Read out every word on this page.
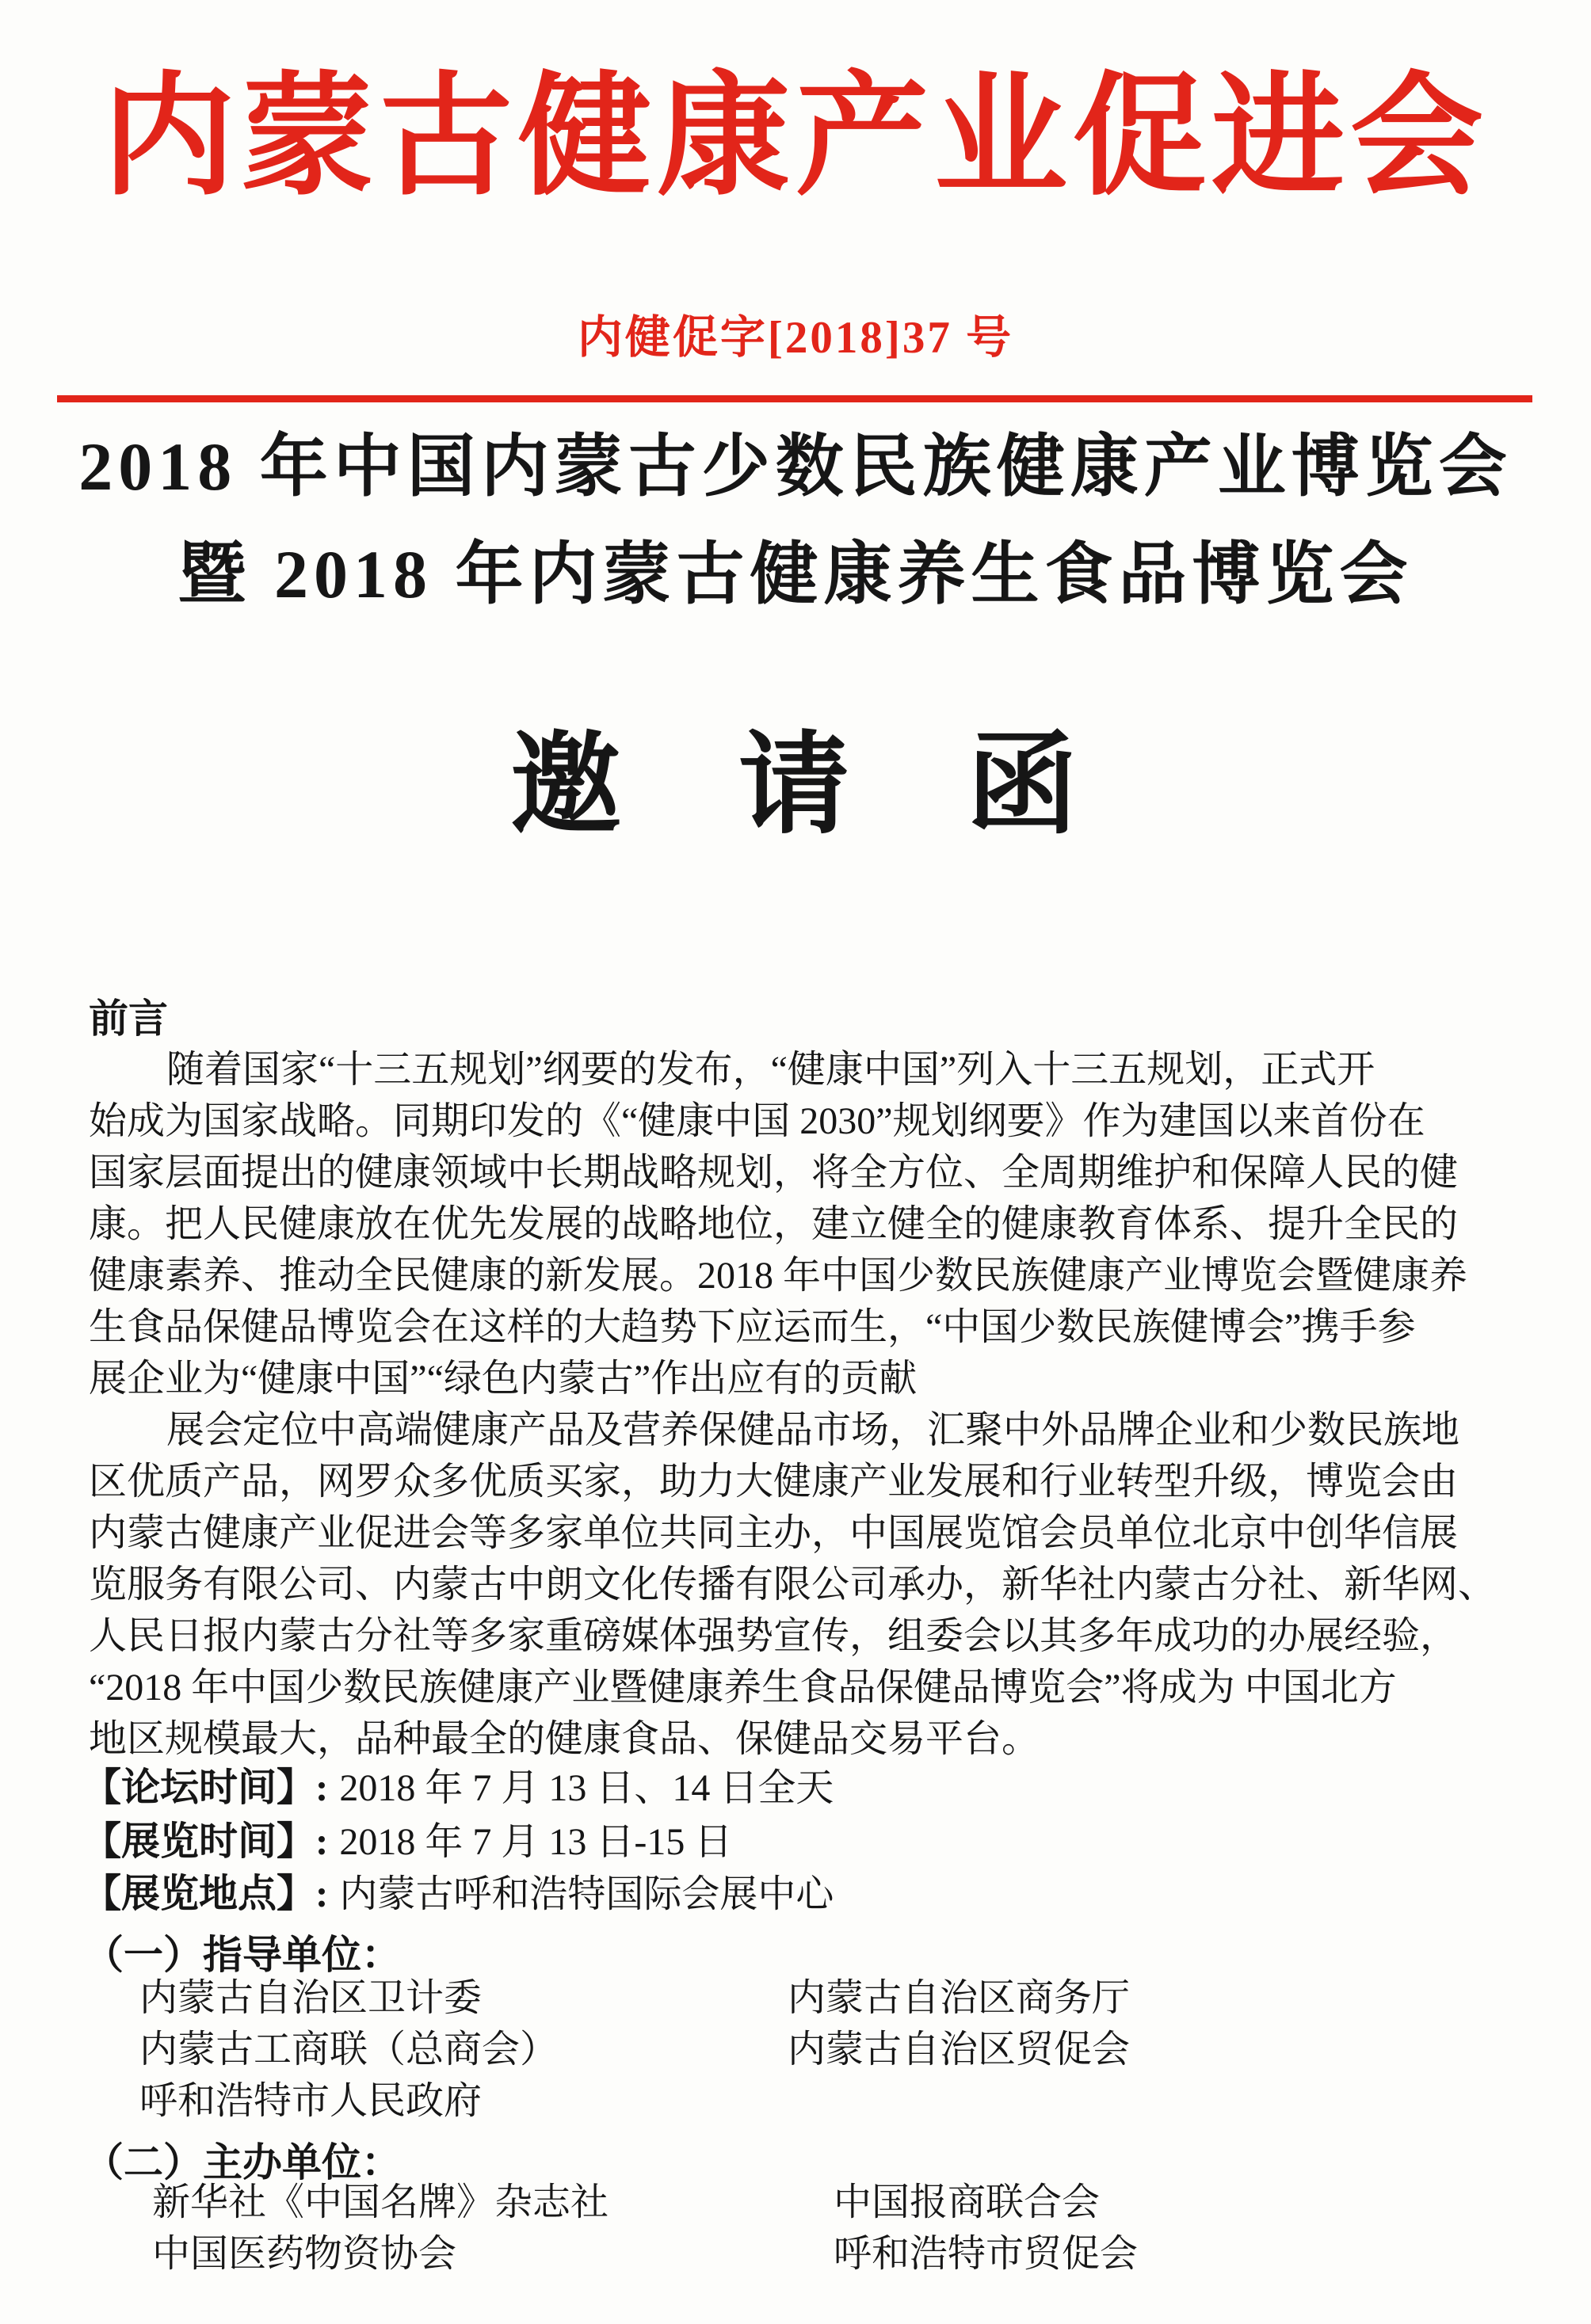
内蒙古健康产业促进会
内健促字[2018]37 号
2018 年中国内蒙古少数民族健康产业博览会
暨 2018 年内蒙古健康养生食品博览会
邀　请　函
前言
随着国家“十三五规划”纲要的发布，“健康中国”列入十三五规划，正式开
始成为国家战略。同期印发的《“健康中国 2030”规划纲要》作为建国以来首份在
国家层面提出的健康领域中长期战略规划，将全方位、全周期维护和保障人民的健
康。把人民健康放在优先发展的战略地位，建立健全的健康教育体系、提升全民的
健康素养、推动全民健康的新发展。2018 年中国少数民族健康产业博览会暨健康养
生食品保健品博览会在这样的大趋势下应运而生，“中国少数民族健博会”携手参
展企业为“健康中国”“绿色内蒙古”作出应有的贡献
展会定位中高端健康产品及营养保健品市场，汇聚中外品牌企业和少数民族地
区优质产品，网罗众多优质买家，助力大健康产业发展和行业转型升级，博览会由
内蒙古健康产业促进会等多家单位共同主办，中国展览馆会员单位北京中创华信展
览服务有限公司、内蒙古中朗文化传播有限公司承办，新华社内蒙古分社、新华网、
人民日报内蒙古分社等多家重磅媒体强势宣传，组委会以其多年成功的办展经验，
“2018 年中国少数民族健康产业暨健康养生食品保健品博览会”将成为 中国北方
地区规模最大，品种最全的健康食品、保健品交易平台。
【论坛时间】: 2018 年 7 月 13 日、14 日全天
【展览时间】: 2018 年 7 月 13 日-15 日
【展览地点】: 内蒙古呼和浩特国际会展中心
（一）指导单位：
内蒙古自治区卫计委	内蒙古自治区商务厅
内蒙古工商联（总商会）	内蒙古自治区贸促会
呼和浩特市人民政府
（二）主办单位：
新华社《中国名牌》杂志社	中国报商联合会
中国医药物资协会	呼和浩特市贸促会
